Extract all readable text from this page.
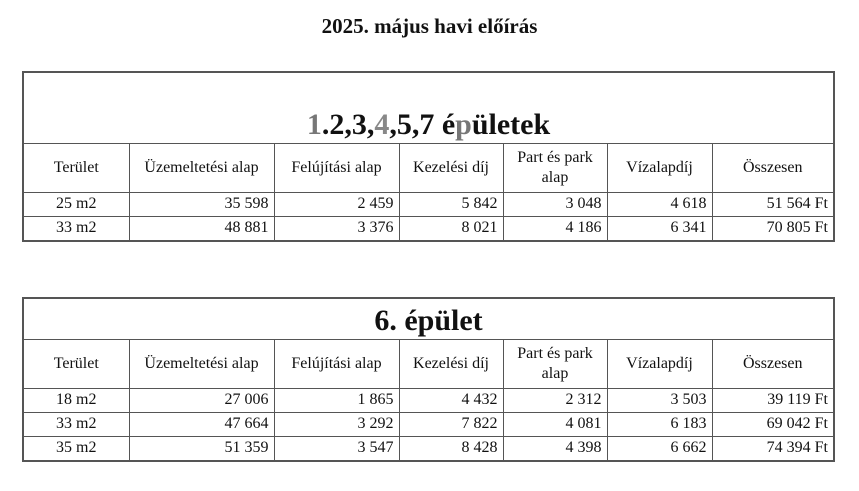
2025. május havi előírás
1.2,3,4,5,7 épületek
Terület	Üzemeltetési alap	Felújítási alap	Kezelési díj	Part és park alap	Vízalapdíj	Összesen
25 m2	35 598	2 459	5 842	3 048	4 618	51 564 Ft
33 m2	48 881	3 376	8 021	4 186	6 341	70 805 Ft
6. épület
Terület	Üzemeltetési alap	Felújítási alap	Kezelési díj	Part és park alap	Vízalapdíj	Összesen
18 m2	27 006	1 865	4 432	2 312	3 503	39 119 Ft
33 m2	47 664	3 292	7 822	4 081	6 183	69 042 Ft
35 m2	51 359	3 547	8 428	4 398	6 662	74 394 Ft
